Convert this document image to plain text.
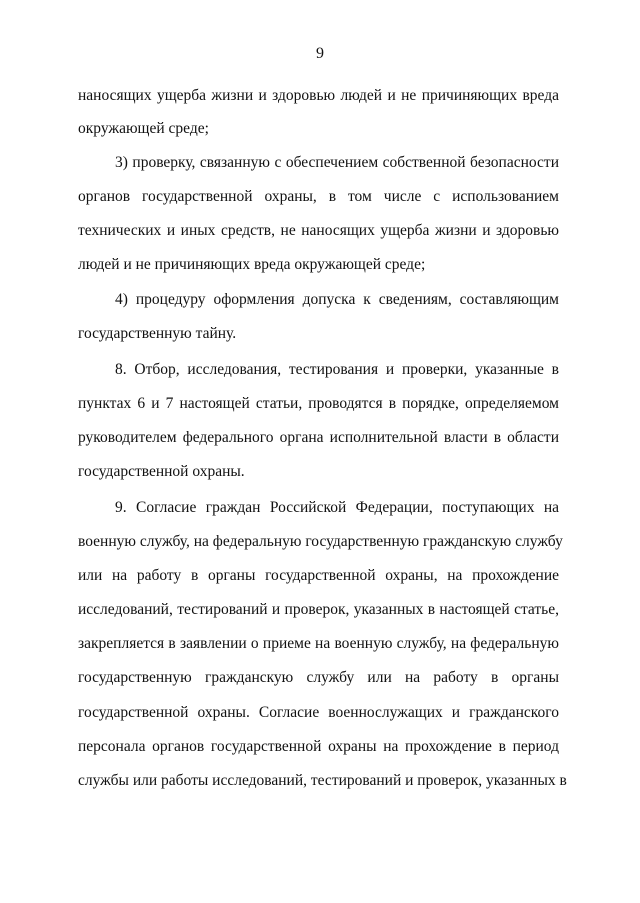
9
наносящих ущерба жизни и здоровью людей и не причиняющих вреда
окружающей среде;
3) проверку, связанную с обеспечением собственной безопасности
органов государственной охраны, в том числе с использованием
технических и иных средств, не наносящих ущерба жизни и здоровью
людей и не причиняющих вреда окружающей среде;
4) процедуру оформления допуска к сведениям, составляющим
государственную тайну.
8. Отбор, исследования, тестирования и проверки, указанные в
пунктах 6 и 7 настоящей статьи, проводятся в порядке, определяемом
руководителем федерального органа исполнительной власти в области
государственной охраны.
9. Согласие граждан Российской Федерации, поступающих на
военную службу, на федеральную государственную гражданскую службу
или на работу в органы государственной охраны, на прохождение
исследований, тестирований и проверок, указанных в настоящей статье,
закрепляется в заявлении о приеме на военную службу, на федеральную
государственную гражданскую службу или на работу в органы
государственной охраны. Согласие военнослужащих и гражданского
персонала органов государственной охраны на прохождение в период
службы или работы исследований, тестирований и проверок, указанных в
